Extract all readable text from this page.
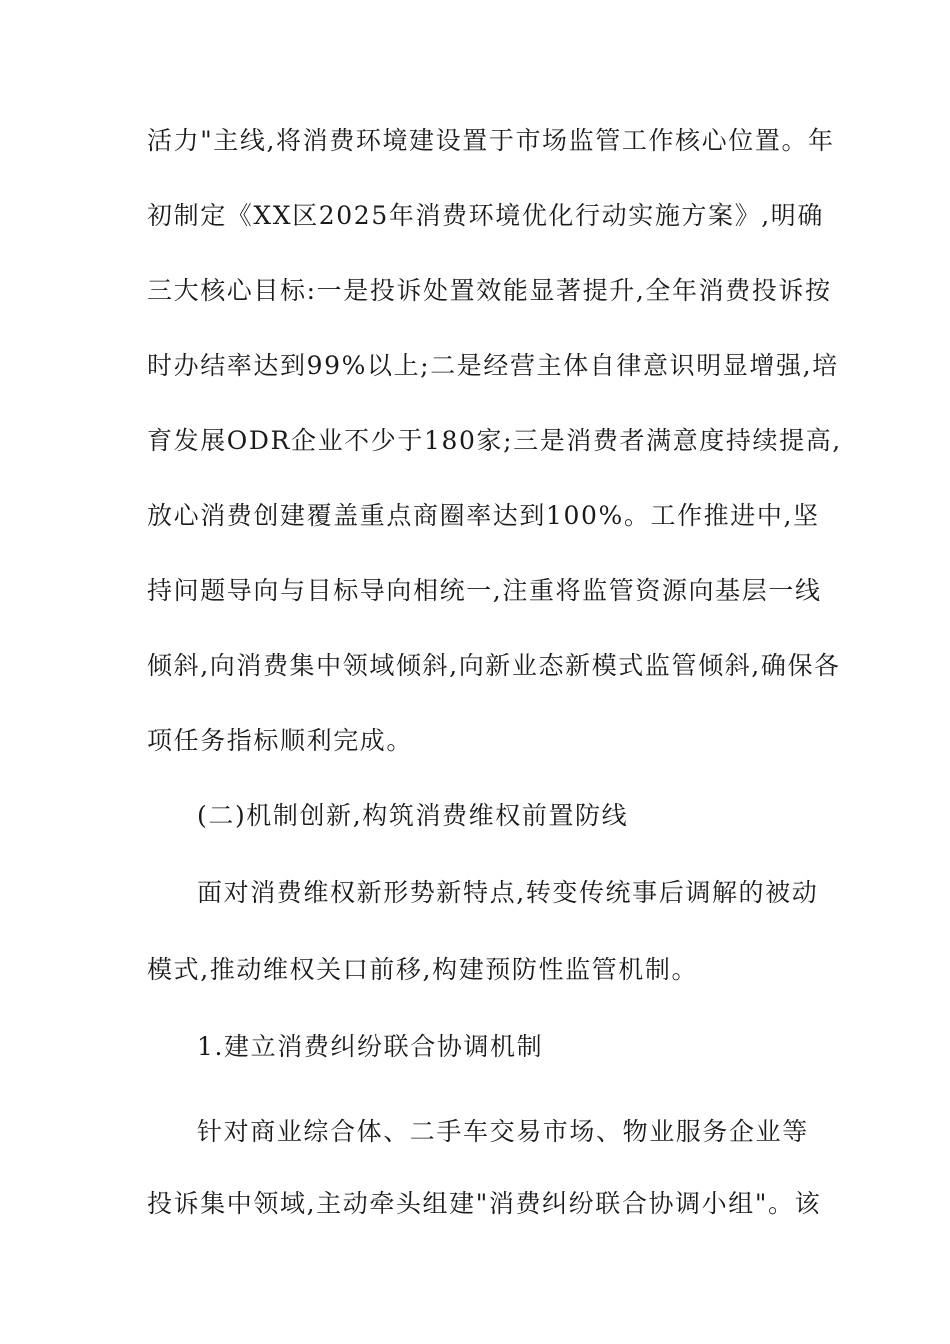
活力"主线,将消费环境建设置于市场监管工作核心位置。年
初制定《XX区2025年消费环境优化行动实施方案》,明确
三大核心目标:一是投诉处置效能显著提升,全年消费投诉按
时办结率达到99%以上;二是经营主体自律意识明显增强,培
育发展ODR企业不少于180家;三是消费者满意度持续提高,
放心消费创建覆盖重点商圈率达到100%。工作推进中,坚
持问题导向与目标导向相统一,注重将监管资源向基层一线
倾斜,向消费集中领域倾斜,向新业态新模式监管倾斜,确保各
项任务指标顺利完成。
(二)机制创新,构筑消费维权前置防线
面对消费维权新形势新特点,转变传统事后调解的被动
模式,推动维权关口前移,构建预防性监管机制。
1.建立消费纠纷联合协调机制
针对商业综合体、二手车交易市场、物业服务企业等
投诉集中领域,主动牵头组建"消费纠纷联合协调小组"。该
